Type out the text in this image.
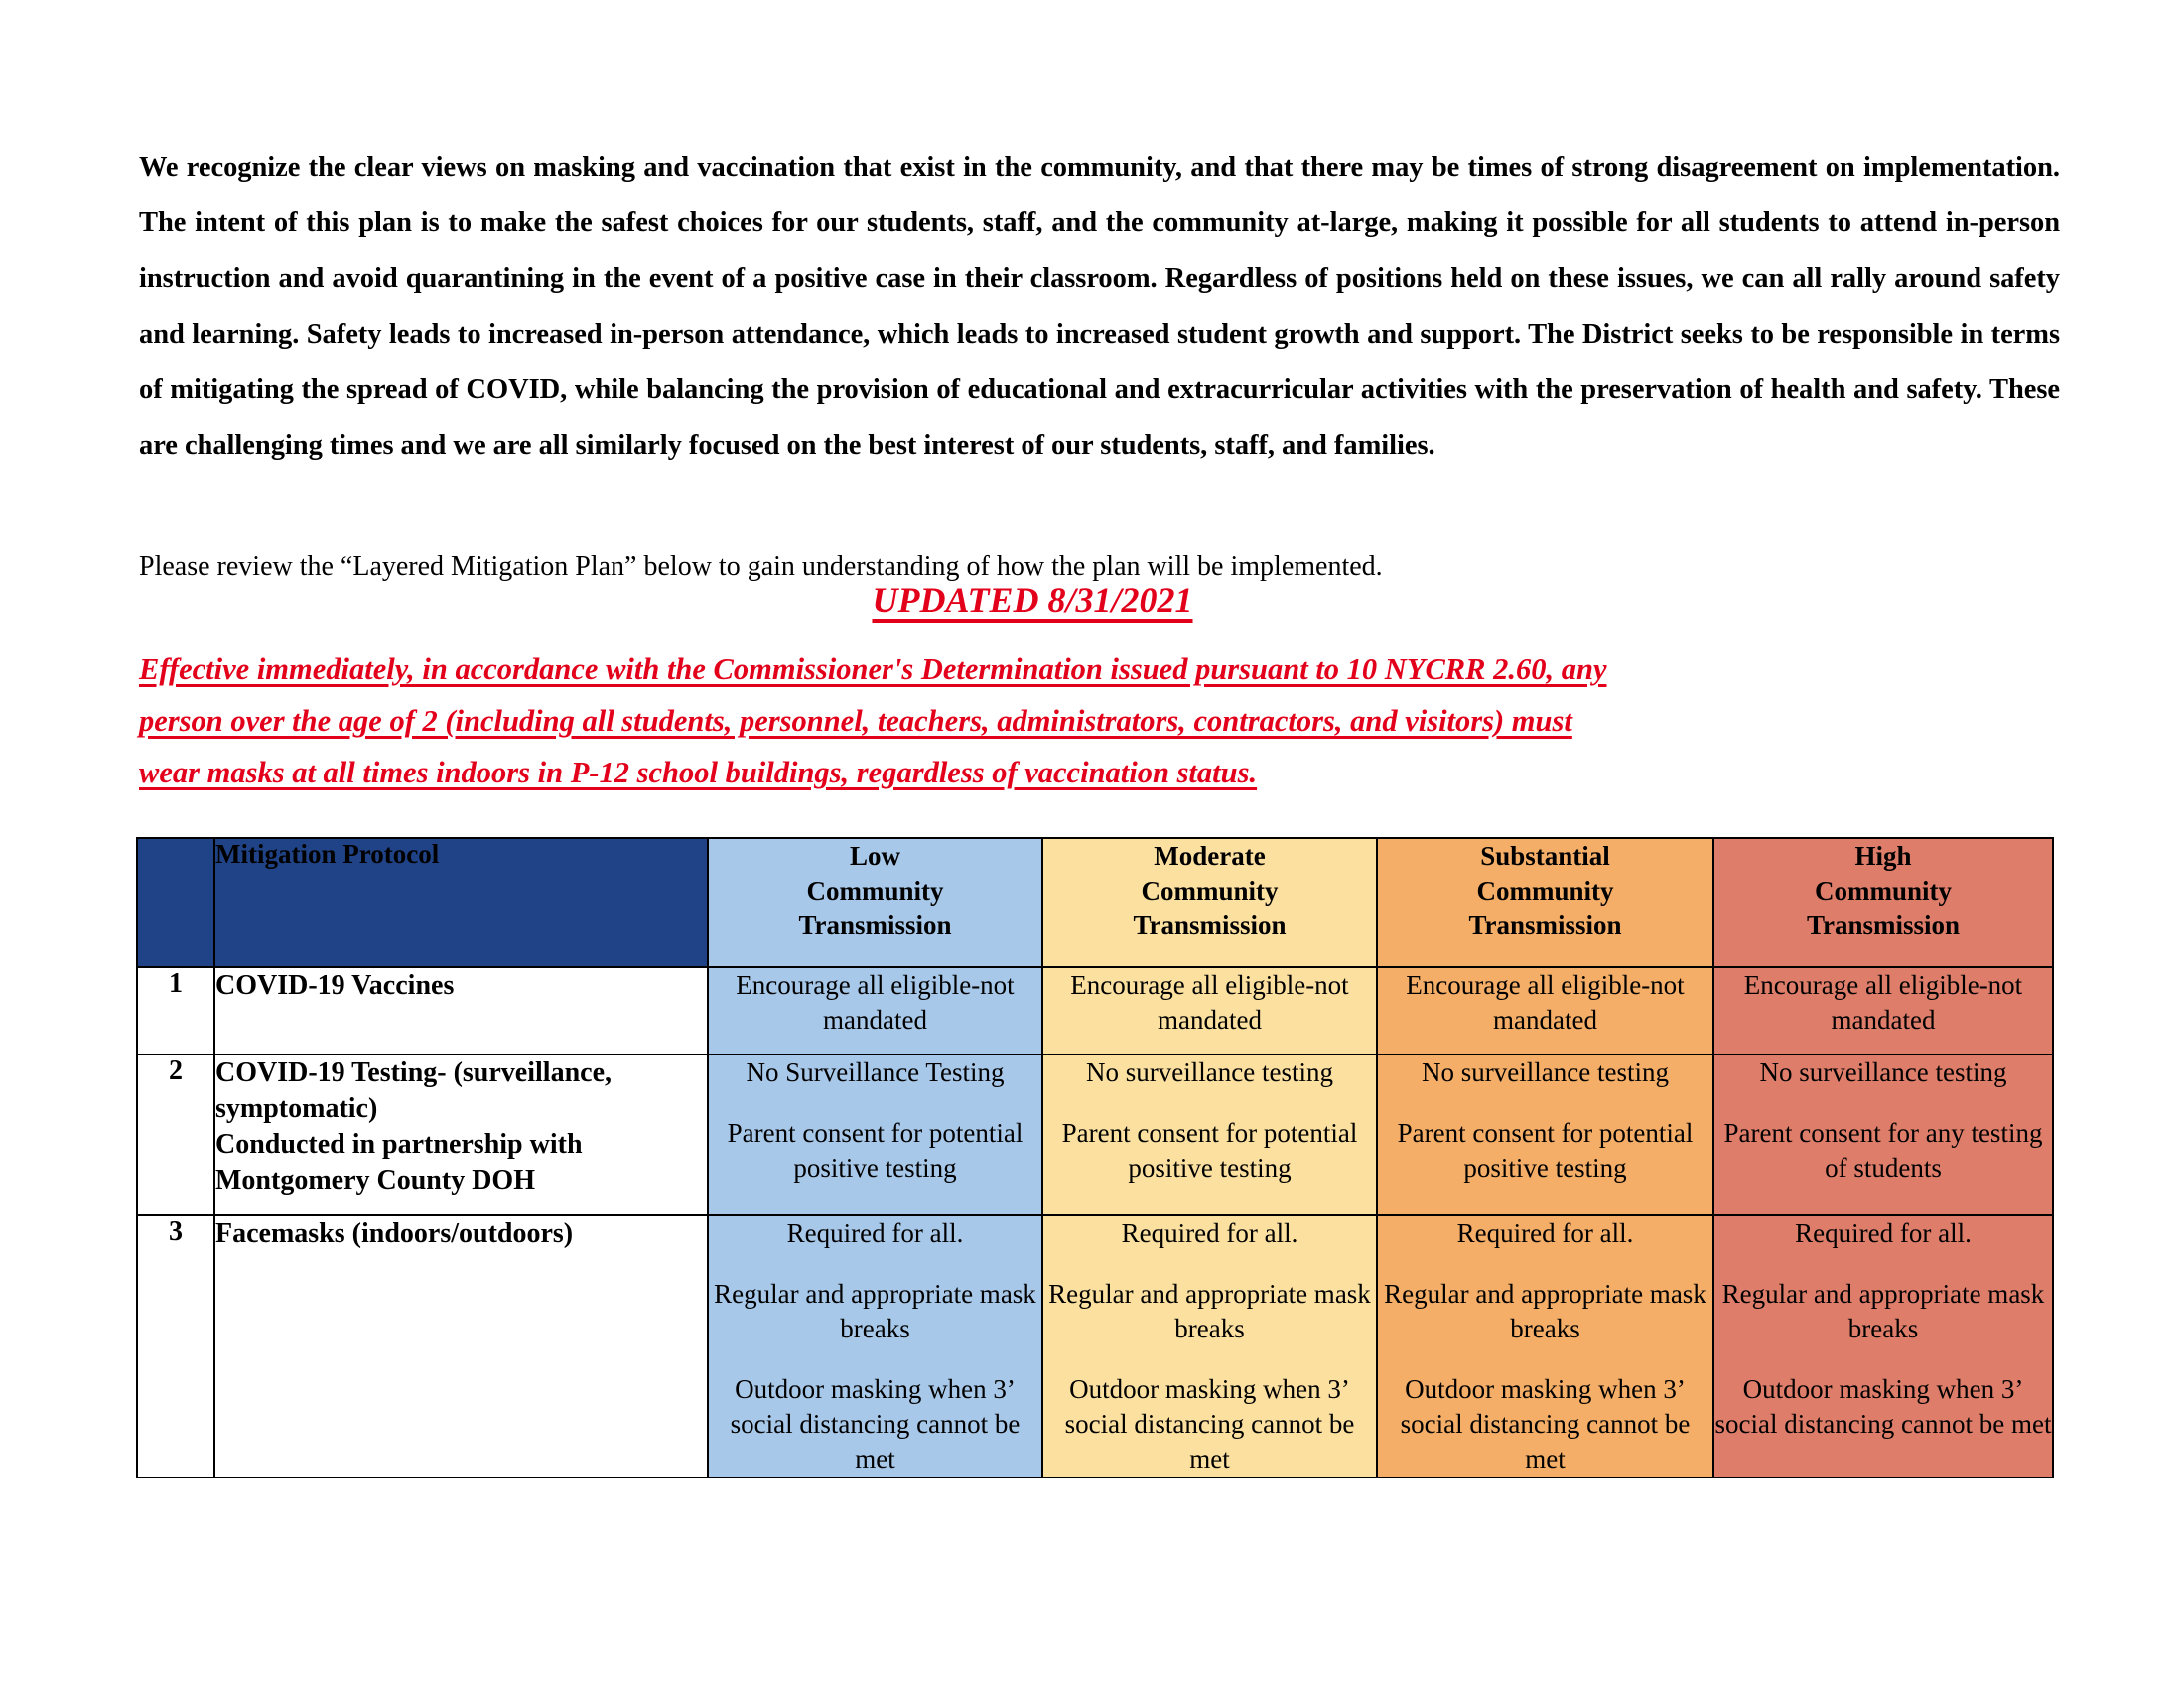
We recognize the clear views on masking and vaccination that exist in the community, and that there may be times of strong disagreement on implementation. The intent of this plan is to make the safest choices for our students, staff, and the community at-large, making it possible for all students to attend in-person instruction and avoid quarantining in the event of a positive case in their classroom. Regardless of positions held on these issues, we can all rally around safety and learning. Safety leads to increased in-person attendance, which leads to increased student growth and support. The District seeks to be responsible in terms of mitigating the spread of COVID, while balancing the provision of educational and extracurricular activities with the preservation of health and safety. These are challenging times and we are all similarly focused on the best interest of our students, staff, and families.

Please review the “Layered Mitigation Plan” below to gain understanding of how the plan will be implemented.

UPDATED 8/31/2021
Effective immediately, in accordance with the Commissioner's Determination issued pursuant to 10 NYCRR 2.60, any
person over the age of 2 (including all students, personnel, teachers, administrators, contractors, and visitors) must
wear masks at all times indoors in P-12 school buildings, regardless of vaccination status.
	Mitigation Protocol	Low
Community
Transmission	Moderate
Community
Transmission	Substantial
Community
Transmission	High
Community
Transmission

1	COVID-19 Vaccines	Encourage all eligible-not mandated	Encourage all eligible-not mandated	Encourage all eligible-not mandated	Encourage all eligible-not mandated

2	COVID-19 Testing- (surveillance,
symptomatic)
Conducted in partnership with
Montgomery County DOH	No Surveillance Testing
Parent consent for potential positive testing	No surveillance testing
Parent consent for potential positive testing	No surveillance testing
Parent consent for potential positive testing	No surveillance testing
Parent consent for any testing of students

3	Facemasks (indoors/outdoors)	Required for all.
Regular and appropriate mask breaks
Outdoor masking when 3’ social distancing cannot be met	Required for all.
Regular and appropriate mask breaks
Outdoor masking when 3’ social distancing cannot be met	Required for all.
Regular and appropriate mask breaks
Outdoor masking when 3’ social distancing cannot be met	Required for all.
Regular and appropriate mask breaks
Outdoor masking when 3’ social distancing cannot be met
